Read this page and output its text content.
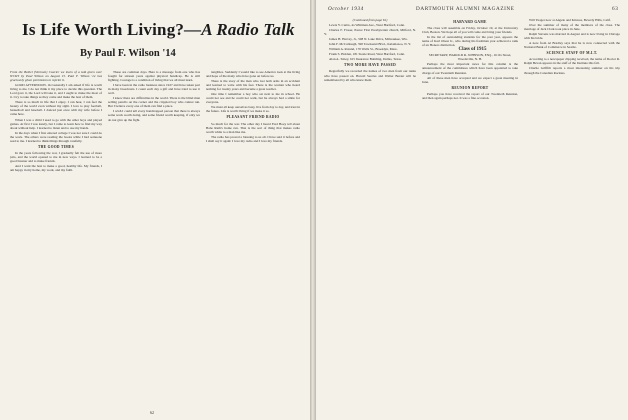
Is Life Worth Living?—A Radio Talk
By Paul F. Wilson '14

From the Bethel (Vermont) Courier we learn of a talk given over WCKY by Paul Wilson on August 15. Paul F. Wilson '14 has graciously given permission to reprint it.

GOOD AFTERNOON. Occasionally I am asked if life is worth living to me. I do not think it my place to decide this question. The Lord gave it, the Lord will take it, and I ought to make the most of it. I try to take things as they come and make the best of them.

There is so much in life that I enjoy. I can hear, I can feel the beauty of the world even without my sight. I love to play football, basketball and baseball. I danced just once with my wife before I came here.

When I was a child I used to go with the other boys and played games. At first I was lonely, but I came to learn how to find my way about without help. I learned to listen and to use my hands.

In the days when I first entered college I was not sure I could do the work. The others were reading the books while I had someone read to me. I learned to think things through carefully.

THE GOOD TIMES

In the years following the war, I gradually felt the use of more jobs, and the world opened to me in new ways. I learned to be a good listener and to make friends.

And I want the best to make a good, healthy life. My friends, I am happy in my home, my work, and my faith.

These are common days. Here is a message from one who has fought for sixteen years against physical handicap. He is still fighting. Courage is a condition of living that we all must learn.

I have been in the radio business since 1927 and have taken part in many broadcasts. I count each day a gift and have tried to use it well.

I know there are difficulties in the world. There is the blind man selling pencils on the corner and the crippled boy who cannot run. But I believe every one of them can find a place.

I wish I could tell every handicapped person that there is always some work worth doing, and some friend worth keeping, if only we do not give up the fight.

tangibles. Suddenly I would like to see America look at the living and hope of the many who have gone on before us.

There is the story of the man who lost both arms in an accident and learned to write with his feet. There is the woman who heard nothing for twenty years and became a great teacher.

One time I remember a boy who sat next to me in school. He could not see and he could not walk, but he always had a smile for everyone.

We must all keep ourselves busy, live from day to day, and trust in the future. Life is worth living if we make it so.

PLEASANT FRIEND RADIO

So much for the war. The other day I heard Fred Hoey tell about Babe Ruth's home run. That is the sort of thing that makes radio worth while to a man like me.

The radio has proved a blessing to us all. I have said it before and I shall say it again: I love my radio and I love my friends.

62
October 1934	DARTMOUTH ALUMNI MAGAZINE	63

(Continued from page 61)

Lewis Y. Curtis, 4a Whitman Ave., West Hartford, Conn.

Charles F. Fraser, Pastor First Presbyterian church, Milford, N. Y.

James H. Harvey, Jr., 508 N. Lake Drive, Milwaukee, Wis.

John F. McCullough, 590 Townsend Blvd., Kalamazoo, N. Y.

William A. Roland, 170 Wells St., Brooklyn, Mass.

Frank S. Holden, 181 Steele Road, West Hartford, Conn.

Alan A. Tobey, 615 Insurance Building, Dallas, Texas.

TWO MORE HAVE PASSED

Regretfully we recorded the names of two men from our ranks who have passed on. Harold Searles and Walter Baxter will be remembered by all who knew them.

HARVARD GAME

The class will assemble on Friday, October 19, at the University Club, Boston. We hope all of you will come and bring your friends.

In the list of outstanding students for the past year, appears the name of Karl Olson Jr., who during his freshman year achieved a rank of an Honors distinction.

Class of 1915

SECRETARY, HAROLD R. JOHNSON, ESQ., 16 Ox Street, Woodsville, N. H.

Perhaps the most important news for this column is the announcement of the committees which have been appointed to take charge of our Twentieth Reunion.

All of these men have accepted and we expect a great meeting in June.

REUNION REPORT

Perhaps you have received the report of our Twentieth Reunion, and then again perhaps not. It was a fine occasion.

Will Yeager now at Angelo and Kinross, Beverly Hills, Calif.

Over the summer of many of the members of the class. The marriage of Jack Clark took place in June.

Ralph Stevens was married in August and is now living in Chicago with his bride.

A note from Al Bradley says that he is now connected with the National Bank of Commerce in Seattle.

SCIENCE STAFF OF M.I.T.

According to a newspaper clipping received, the name of Doctor R. Ralph Bevan appears in the staff of the Institute this fall.

Charlie Griffith reports a most interesting summer on his trip through the Canadian Rockies.
